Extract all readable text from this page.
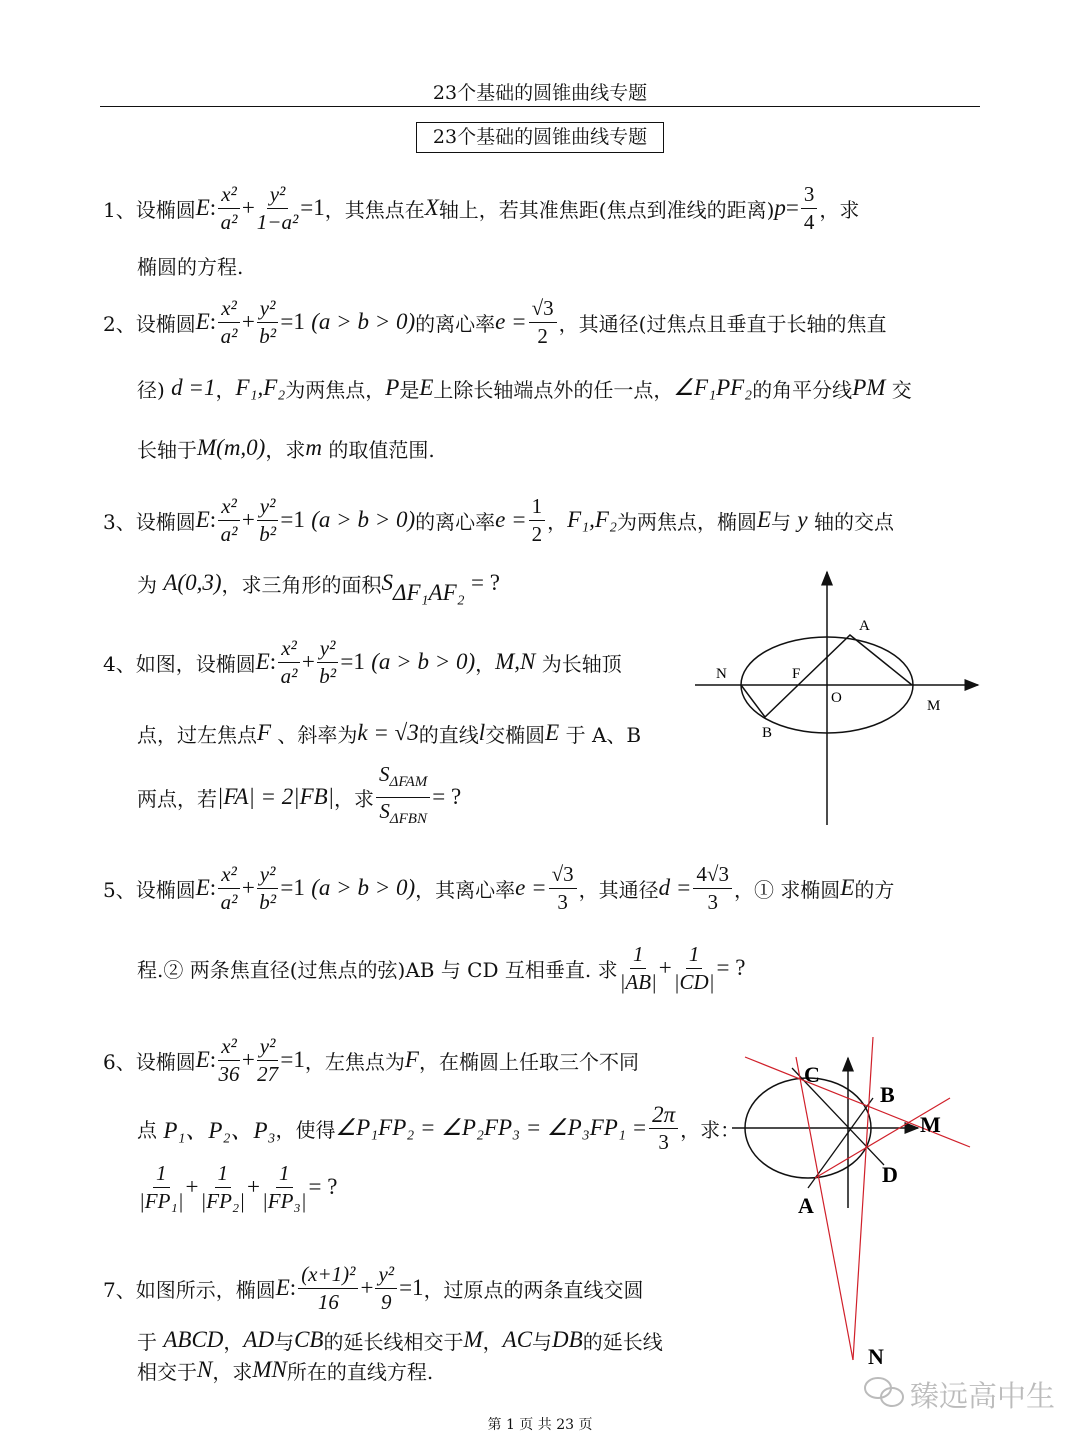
23个基础的圆锥曲线专题
23个基础的圆锥曲线专题
1、 设椭圆 E : $\frac{\text{x²}}{\text{a²}} + \frac{\text{y²}}{\text{1−a²}} =1$ ，其焦点在 X 轴上，若其准焦距(焦点到准线的距离) $p = \frac{3}{4}$ ，求
椭圆的方程.
2、 设椭圆 E : $\frac{\text{x²}}{\text{a²}} + \frac{\text{y²}}{\text{b²}} =1$
(a > b > 0) 的离心率 $e = \frac{√3}{2}$ ，其通径(过焦点且垂直于长轴的焦直
径)
d =1 ， F₁,F₂ 为两焦点， P 是 E 上除长轴端点外的任一点， ∠F₁PF₂ 的角平分线 PM
交
长轴于 M(m,0) ，求 m
的取值范围.
3、 设椭圆 E : $\frac{\text{x²}}{\text{a²}} + \frac{\text{y²}}{\text{b²}} =1$
(a > b > 0) 的离心率 $e = \frac{1}{2}$ ， F₁,F₂ 为两焦点，椭圆 E 与
y
轴的交点
为
A(0,3) ，求三角形的面积 $S_{\Delta F_1AF_2}$
= ?
4、 如图，设椭圆 E : $\frac{\text{x²}}{\text{a²}} + \frac{\text{y²}}{\text{b²}} =1$
(a > b > 0) ， M,N
为长轴顶
点，过左焦点 F
、斜率为 k = √3 的直线 l 交椭圆 E
于 A、B
两点，若 |FA| = 2|FB| ，求
$S_{\Delta FAM}$
$S_{\Delta FBN}$
= ?
5、 设椭圆 E : $\frac{\text{x²}}{\text{a²}} + \frac{\text{y²}}{\text{b²}} =1$
(a > b > 0) ，其离心率 $e = \frac{√3}{3}$ ，其通径 $d = \frac{4√3}{3}$ ，① 求椭圆 E 的方
程.② 两条焦直径(过焦点的弦)AB 与 CD 互相垂直. 求 $\frac{1}{|AB|} + \frac{1}{|CD|}$ = ?
6、 设椭圆 E : $\frac{\text{x²}}{36} + \frac{\text{y²}}{27} =1$ ，左焦点为 F ，在椭圆上任取三个不同
点
P₁、P₂、P₃ ，使得 ∠P₁FP₂ = ∠P₂FP₃ = ∠P₃FP₁ = $\frac{2\pi}{3}$ ，求：
$\frac{1}{\text{|FP₁|}} + \frac{1}{\text{|FP₂|}} + \frac{1}{\text{|FP₃|}}$ = ?
7、 如图所示，椭圆 E : $\frac{\text{(x+1)²}}{16} + \frac{\text{y²}}{9} =1$ ，过原点的两条直线交圆
于
ABCD ， AD 与 CB 的延长线相交于 M ， AC 与 DB 的延长线
相交于 N ，求 MN 所在的直线方程.
A
N	F
O	M
B
C
B
M
D
A
N
臻远高中生
第 1 页 共 23 页
